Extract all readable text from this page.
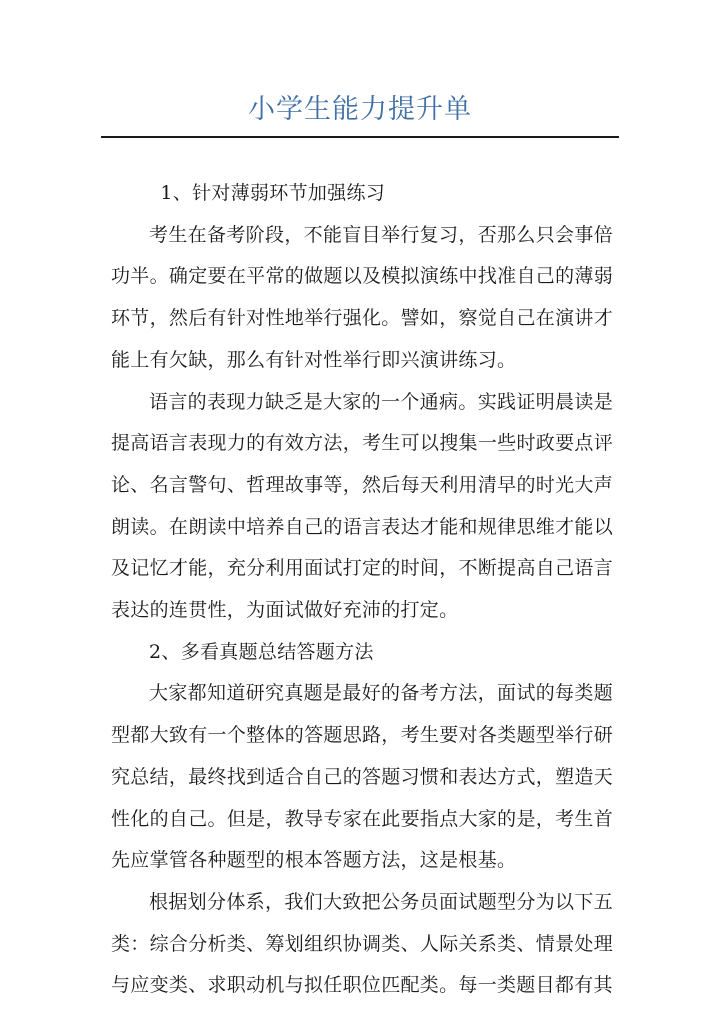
小学生能力提升单

1、针对薄弱环节加强练习

考生在备考阶段，不能盲目举行复习，否那么只会事倍功半。确定要在平常的做题以及模拟演练中找准自己的薄弱环节，然后有针对性地举行强化。譬如，察觉自己在演讲才能上有欠缺，那么有针对性举行即兴演讲练习。

语言的表现力缺乏是大家的一个通病。实践证明晨读是提高语言表现力的有效方法，考生可以搜集一些时政要点评论、名言警句、哲理故事等，然后每天利用清早的时光大声朗读。在朗读中培养自己的语言表达才能和规律思维才能以及记忆才能，充分利用面试打定的时间，不断提高自己语言表达的连贯性，为面试做好充沛的打定。

2、多看真题总结答题方法

大家都知道研究真题是最好的备考方法，面试的每类题型都大致有一个整体的答题思路，考生要对各类题型举行研究总结，最终找到适合自己的答题习惯和表达方式，塑造天性化的自己。但是，教导专家在此要指点大家的是，考生首先应掌管各种题型的根本答题方法，这是根基。

根据划分体系，我们大致把公务员面试题型分为以下五类：综合分析类、筹划组织协调类、人际关系类、情景处理与应变类、求职动机与拟任职位匹配类。每一类题目都有其
